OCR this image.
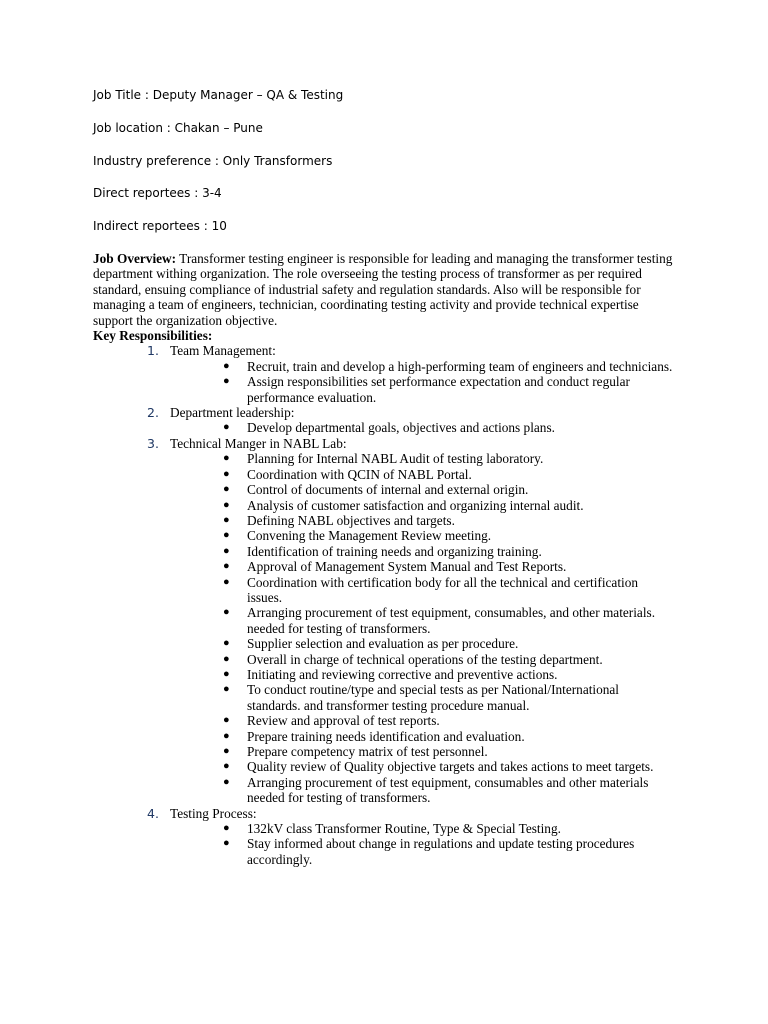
Job Title : Deputy Manager – QA & Testing
Job location : Chakan – Pune
Industry preference : Only Transformers
Direct reportees : 3-4
Indirect reportees : 10

Job Overview: Transformer testing engineer is responsible for leading and managing the transformer testing department withing organization. The role overseeing the testing process of transformer as per required standard, ensuing compliance of industrial safety and regulation standards. Also will be responsible for managing a team of engineers, technician, coordinating testing activity and provide technical expertise support the organization objective.

Key Responsibilities:

1. Team Management:
● Recruit, train and develop a high-performing team of engineers and technicians.
● Assign responsibilities set performance expectation and conduct regular performance evaluation.
2. Department leadership:
● Develop departmental goals, objectives and actions plans.
3. Technical Manger in NABL Lab:
● Planning for Internal NABL Audit of testing laboratory.
● Coordination with QCIN of NABL Portal.
● Control of documents of internal and external origin.
● Analysis of customer satisfaction and organizing internal audit.
● Defining NABL objectives and targets.
● Convening the Management Review meeting.
● Identification of training needs and organizing training.
● Approval of Management System Manual and Test Reports.
● Coordination with certification body for all the technical and certification issues.
● Arranging procurement of test equipment, consumables, and other materials. needed for testing of transformers.
● Supplier selection and evaluation as per procedure.
● Overall in charge of technical operations of the testing department.
● Initiating and reviewing corrective and preventive actions.
● To conduct routine/type and special tests as per National/International standards. and transformer testing procedure manual.
● Review and approval of test reports.
● Prepare training needs identification and evaluation.
● Prepare competency matrix of test personnel.
● Quality review of Quality objective targets and takes actions to meet targets.
● Arranging procurement of test equipment, consumables and other materials needed for testing of transformers.
4. Testing Process:
● 132kV class Transformer Routine, Type & Special Testing.
● Stay informed about change in regulations and update testing procedures accordingly.
